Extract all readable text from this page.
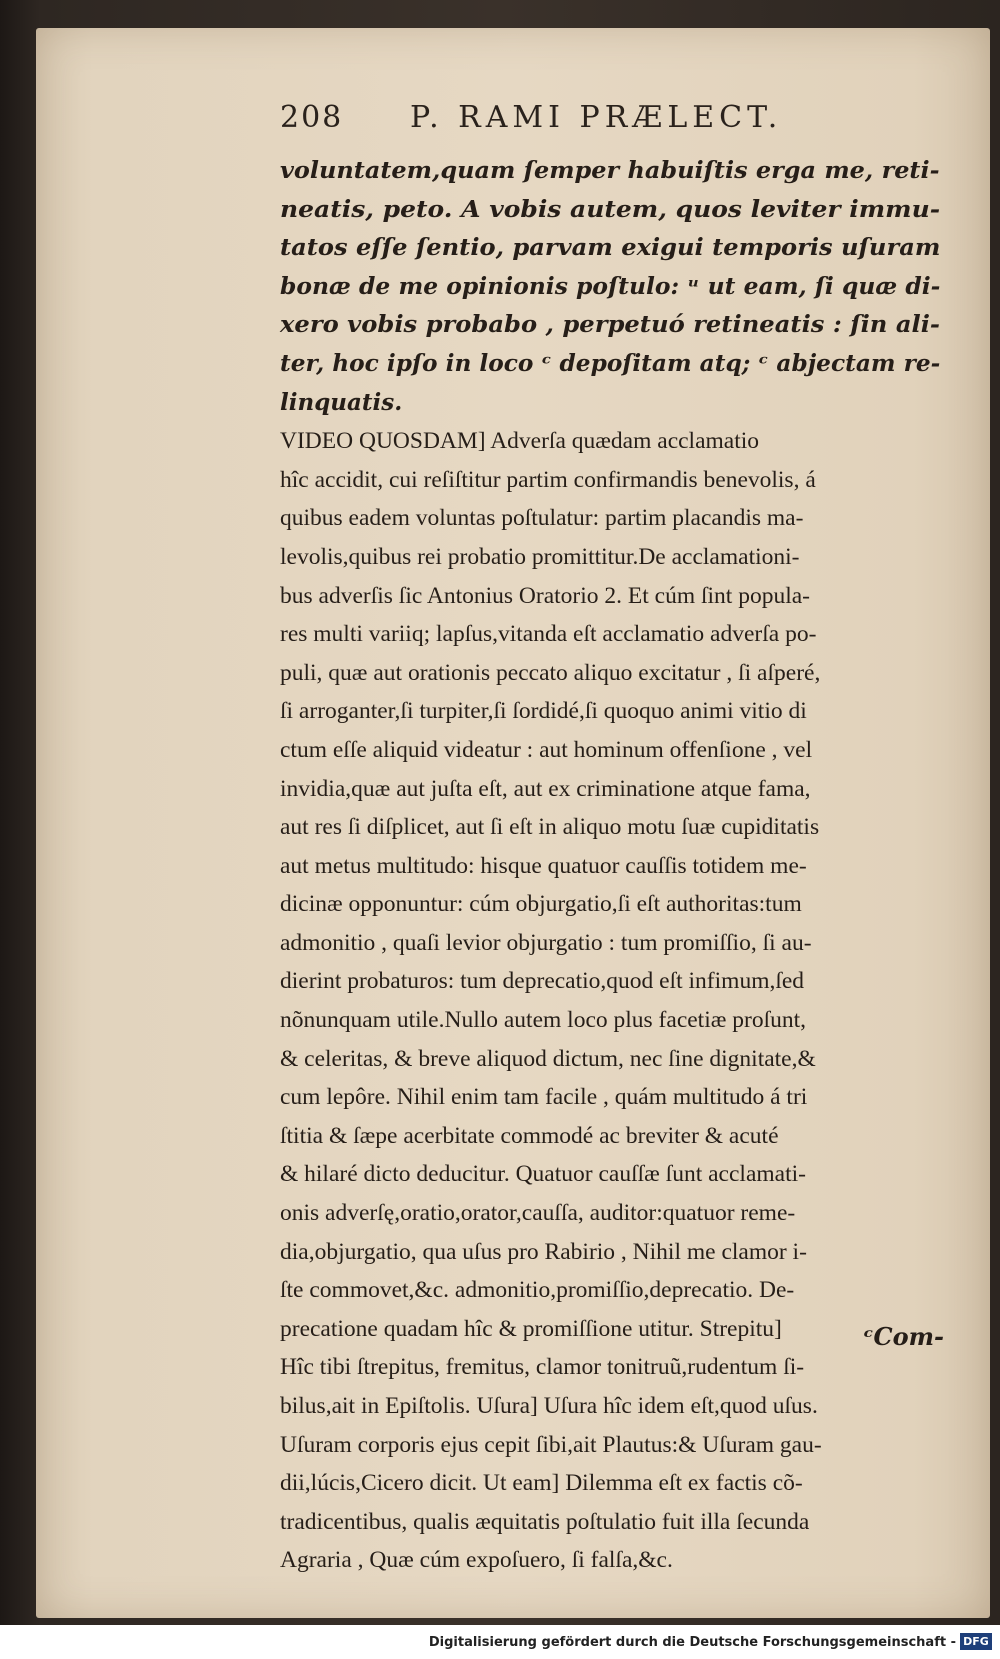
208 P. RAMI PRÆLECT.
voluntatem,quam ſemper habuiſtis erga me, reti-
neatis, peto. A vobis autem, quos leviter immu-
tatos eſſe ſentio, parvam exigui temporis uſuram
bonæ de me opinionis poſtulo: ᵘ ut eam, ſi quæ di-
xero vobis probabo , perpetuó retineatis : ſin ali-
ter, hoc ipſo in loco ᶜ depoſitam atq; ᶜ abjectam re-
linquatis.
VIDEO QUOSDAM] Adverſa quædam acclamatio
hîc accidit, cui reſiſtitur partim confirmandis benevolis, á
quibus eadem voluntas poſtulatur: partim placandis ma-
levolis,quibus rei probatio promittitur.De acclamationi-
bus adverſis ſic Antonius Oratorio 2. Et cúm ſint popula-
res multi variiq; lapſus,vitanda eſt acclamatio adverſa po-
puli, quæ aut orationis peccato aliquo excitatur , ſi aſperé,
ſi arroganter,ſi turpiter,ſi ſordidé,ſi quoquo animi vitio di
ctum eſſe aliquid videatur : aut hominum offenſione , vel
invidia,quæ aut juſta eſt, aut ex criminatione atque fama,
aut res ſi diſplicet, aut ſi eſt in aliquo motu ſuæ cupiditatis
aut metus multitudo: hisque quatuor cauſſis totidem me-
dicinæ opponuntur: cúm objurgatio,ſi eſt authoritas:tum
admonitio , quaſi levior objurgatio : tum promiſſio, ſi au-
dierint probaturos: tum deprecatio,quod eſt infimum,ſed
nõnunquam utile.Nullo autem loco plus facetiæ proſunt,
& celeritas, & breve aliquod dictum, nec ſine dignitate,&
cum lepôre. Nihil enim tam facile , quám multitudo á tri
ſtitia & ſæpe acerbitate commodé ac breviter & acuté
& hilaré dicto deducitur. Quatuor cauſſæ ſunt acclamati-
onis adverſę,oratio,orator,cauſſa, auditor:quatuor reme-
dia,objurgatio, qua uſus pro Rabirio , Nihil me clamor i-
ſte commovet,&c. admonitio,promiſſio,deprecatio. De-
precatione quadam hîc & promiſſione utitur. Strepitu]
Hîc tibi ſtrepitus, fremitus, clamor tonitruũ,rudentum ſi-
bilus,ait in Epiſtolis. Uſura] Uſura hîc idem eſt,quod uſus.
Uſuram corporis ejus cepit ſibi,ait Plautus:& Uſuram gau-
dii,lúcis,Cicero dicit. Ut eam] Dilemma eſt ex factis cõ-
tradicentibus, qualis æquitatis poſtulatio fuit illa ſecunda
Agraria , Quæ cúm expoſuero, ſi falſa,&c.
ᶜCom-
Digitalisierung gefördert durch die Deutsche Forschungsgemeinschaft - DFG
